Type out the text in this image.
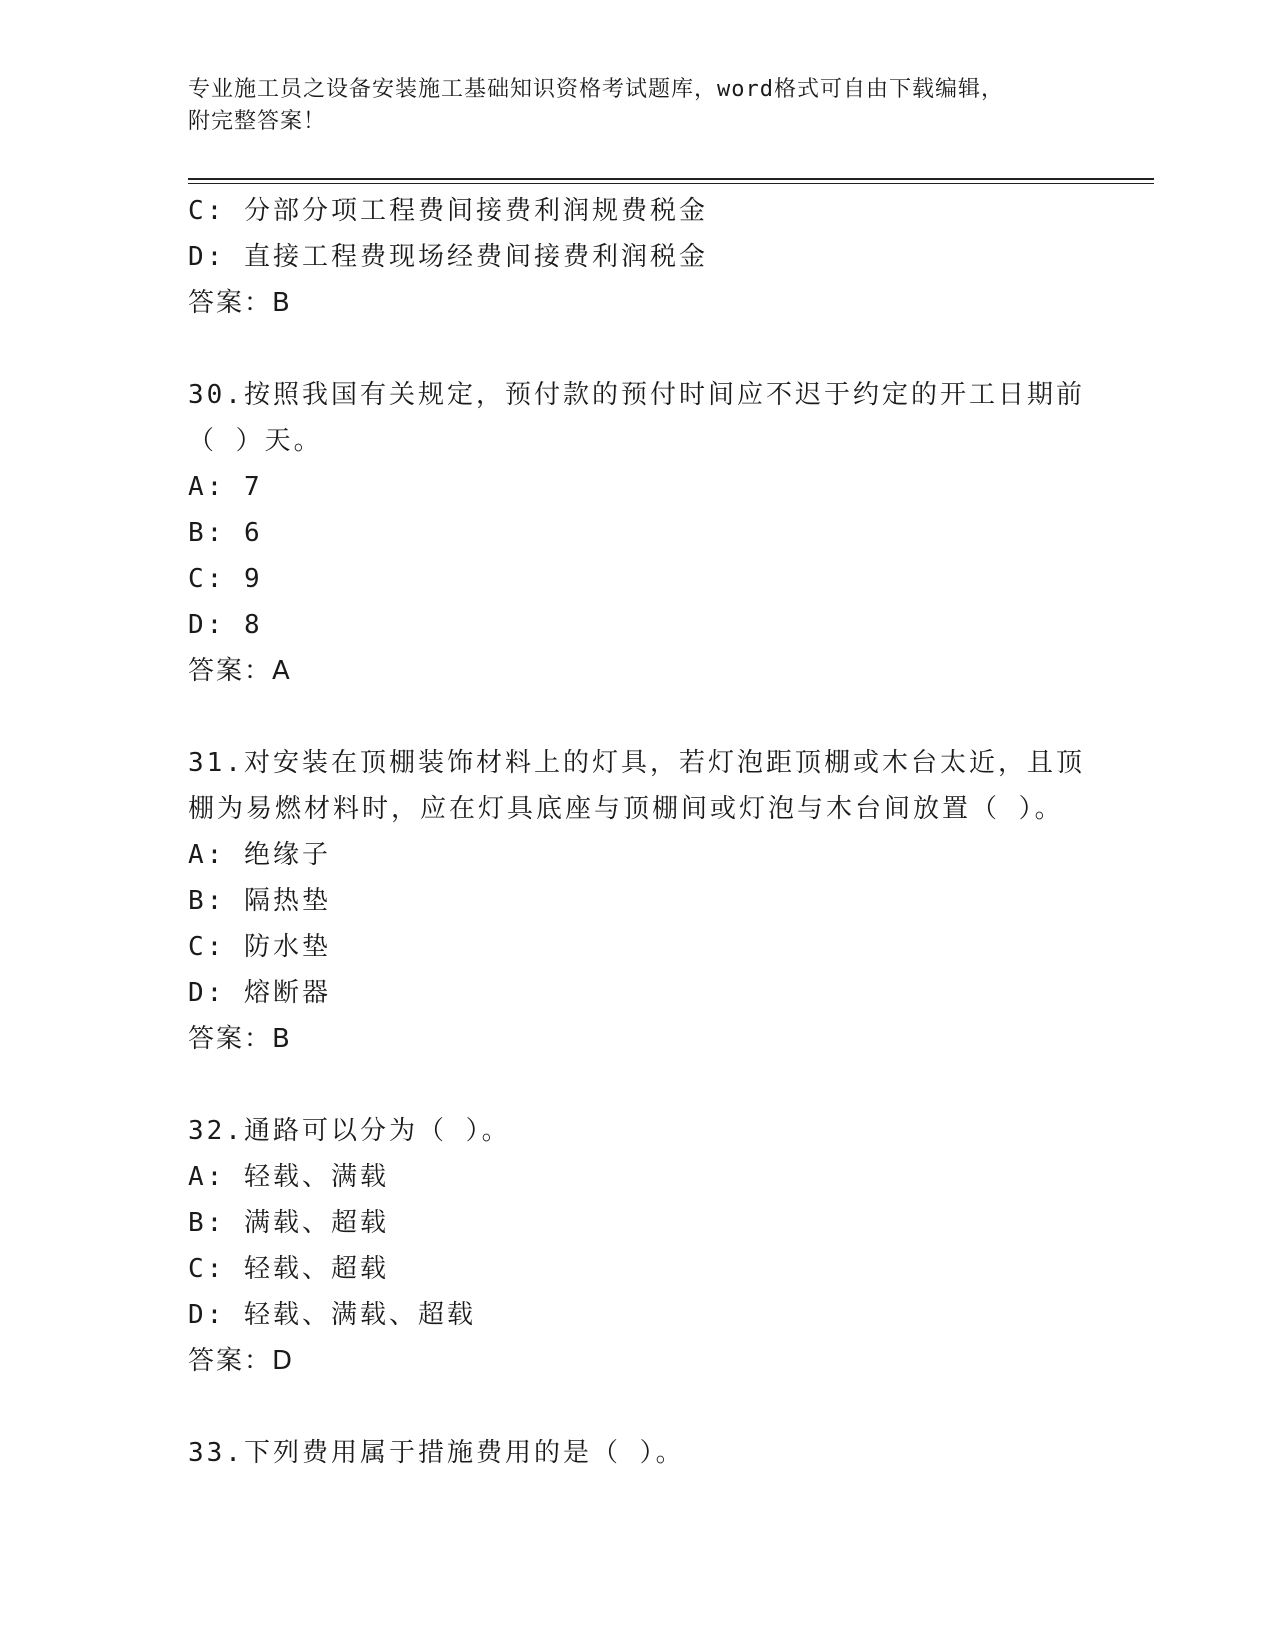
专业施工员之设备安装施工基础知识资格考试题库，word格式可自由下载编辑，
附完整答案！
C: 分部分项工程费间接费利润规费税金
D: 直接工程费现场经费间接费利润税金
答案：B
30.按照我国有关规定，预付款的预付时间应不迟于约定的开工日期前
（ ）天。
A: 7
B: 6
C: 9
D: 8
答案：A
31.对安装在顶棚装饰材料上的灯具，若灯泡距顶棚或木台太近，且顶
棚为易燃材料时，应在灯具底座与顶棚间或灯泡与木台间放置（ ）。
A: 绝缘子
B: 隔热垫
C: 防水垫
D: 熔断器
答案：B
32.通路可以分为（ ）。
A: 轻载、满载
B: 满载、超载
C: 轻载、超载
D: 轻载、满载、超载
答案：D
33.下列费用属于措施费用的是（ ）。
